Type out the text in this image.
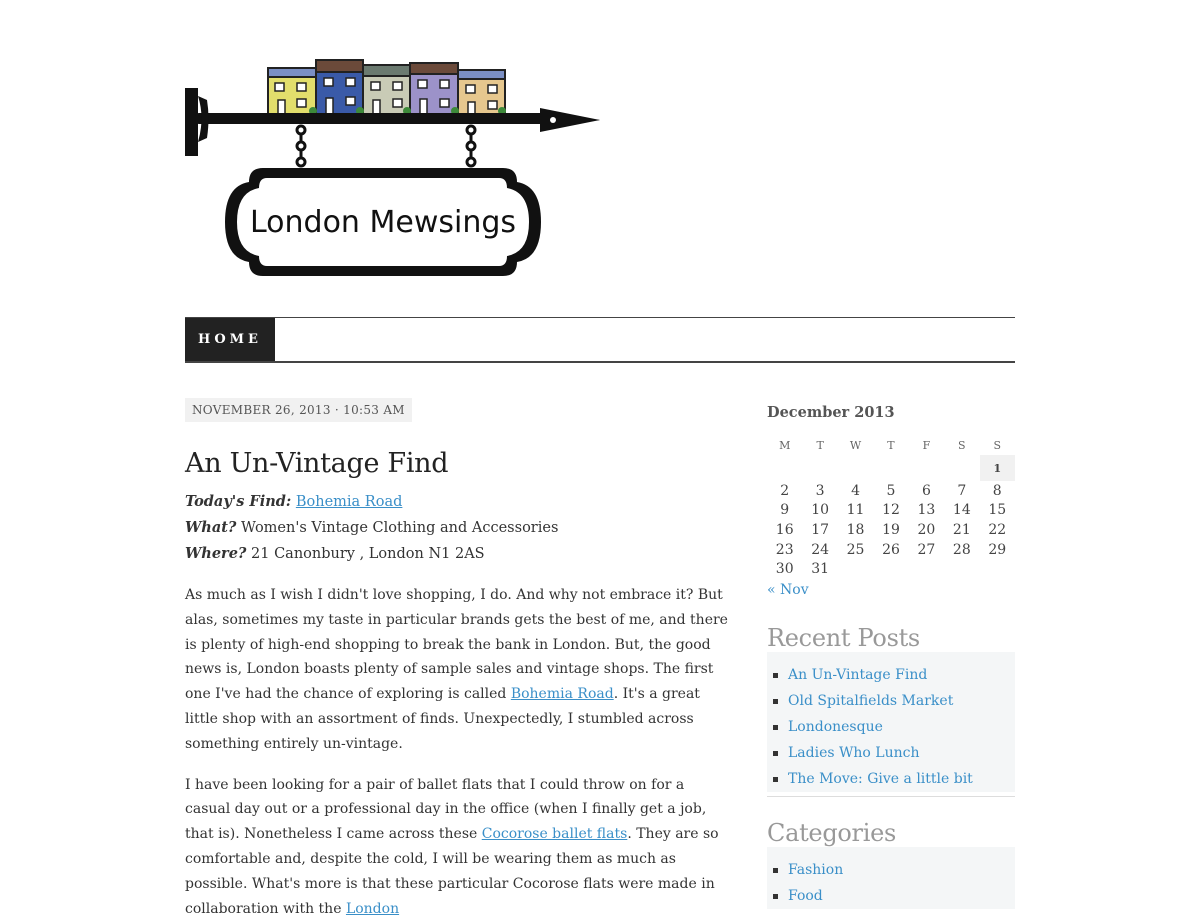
London Mewsings
HOME
NOVEMBER 26, 2013 · 10:53 AM
An Un-Vintage Find
Today's Find: Bohemia Road
What? Women's Vintage Clothing and Accessories
Where? 21 Canonbury , London N1 2AS

As much as I wish I didn't love shopping, I do. And why not embrace it? But alas, sometimes my taste in particular brands gets the best of me, and there is plenty of high-end shopping to break the bank in London. But, the good news is, London boasts plenty of sample sales and vintage shops. The first one I've had the chance of exploring is called Bohemia Road. It's a great little shop with an assortment of finds. Unexpectedly, I stumbled across something entirely un-vintage.

I have been looking for a pair of ballet flats that I could throw on for a casual day out or a professional day in the office (when I finally get a job, that is). Nonetheless I came across these Cocorose ballet flats. They are so comfortable and, despite the cold, I will be wearing them as much as possible. What's more is that these particular Cocorose flats were made in collaboration with the London

December 2013
M	T	W	T	F	S	S
						1
2	3	4	5	6	7	8
9	10	11	12	13	14	15
16	17	18	19	20	21	22
23	24	25	26	27	28	29
30	31					
« Nov
Recent Posts
An Un-Vintage Find
Old Spitalfields Market
Londonesque
Ladies Who Lunch
The Move: Give a little bit
Categories
Fashion
Food
